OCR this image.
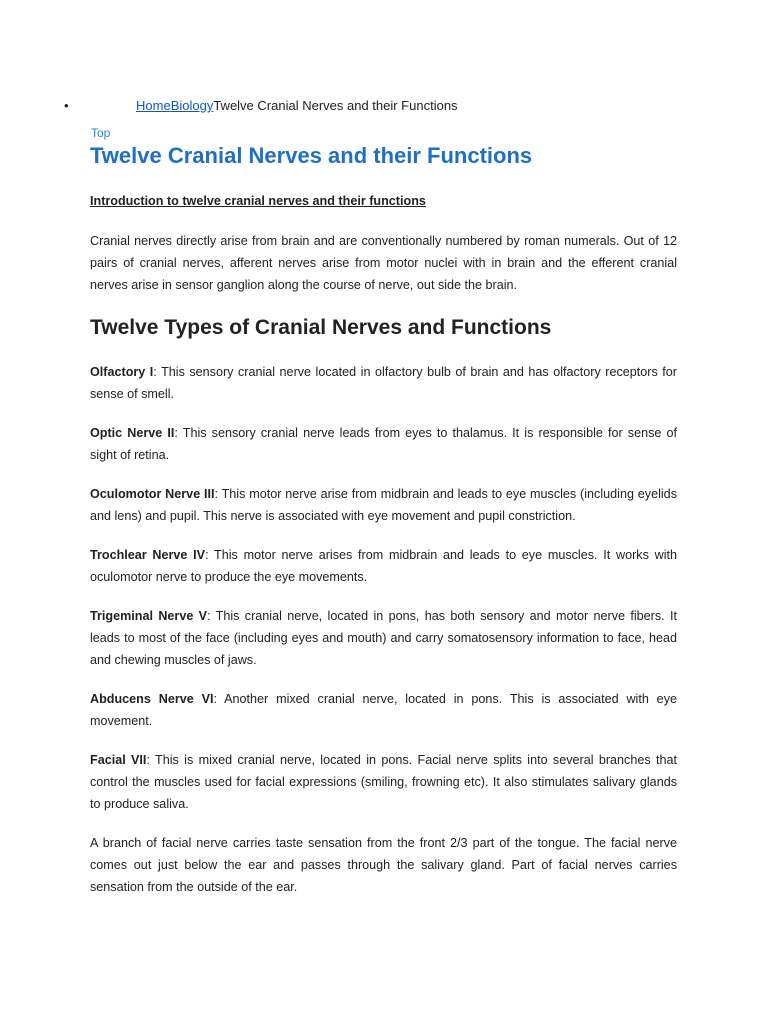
•	HomeBiologyTwelve Cranial Nerves and their Functions
Top
Twelve Cranial Nerves and their Functions
Introduction to twelve cranial nerves and their functions

Cranial nerves directly arise from brain and are conventionally numbered by roman numerals. Out of 12 pairs of cranial nerves, afferent nerves arise from motor nuclei with in brain and the efferent cranial nerves arise in sensor ganglion along the course of nerve, out side the brain.

Twelve Types of Cranial Nerves and Functions

Olfactory I: This sensory cranial nerve located in olfactory bulb of brain and has olfactory receptors for sense of smell.

Optic Nerve II: This sensory cranial nerve leads from eyes to thalamus. It is responsible for sense of sight of retina.

Oculomotor Nerve III: This motor nerve arise from midbrain and leads to eye muscles (including eyelids and lens) and pupil. This nerve is associated with eye movement and pupil constriction.

Trochlear Nerve IV: This motor nerve arises from midbrain and leads to eye muscles. It works with oculomotor nerve to produce the eye movements.

Trigeminal Nerve V: This cranial nerve, located in pons, has both sensory and motor nerve fibers. It leads to most of the face (including eyes and mouth) and carry somatosensory information to face, head and chewing muscles of jaws.

Abducens Nerve VI: Another mixed cranial nerve, located in pons. This is associated with eye movement.

Facial VII: This is mixed cranial nerve, located in pons. Facial nerve splits into several branches that control the muscles used for facial expressions (smiling, frowning etc). It also stimulates salivary glands to produce saliva.

A branch of facial nerve carries taste sensation from the front 2/3 part of the tongue. The facial nerve comes out just below the ear and passes through the salivary gland. Part of facial nerves carries sensation from the outside of the ear.
